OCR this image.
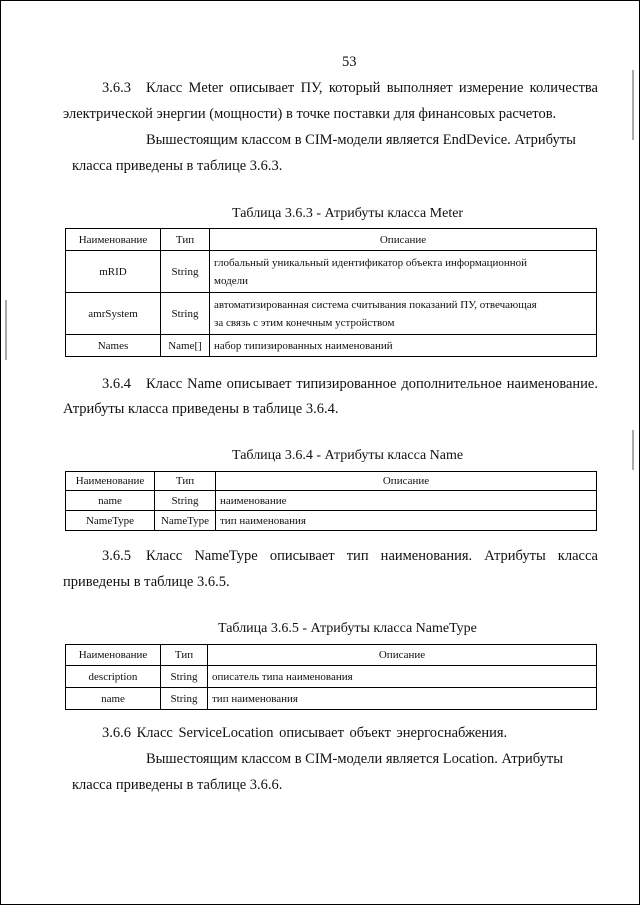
53
3.6.3 Класс Meter описывает ПУ, который выполняет измерение количества
электрической энергии (мощности) в точке поставки для финансовых расчетов.
Вышестоящим классом в CIM-модели является EndDevice. Атрибуты
класса приведены в таблице 3.6.3.
Таблица 3.6.3 - Атрибуты класса Meter
Наименование	Тип	Описание
mRID	String	глобальный уникальный идентификатор объекта информационной
модели

amrSystem	String	автоматизированная система считывания показаний ПУ, отвечающая
за связь с этим конечным устройством

Names	Name[]	набор типизированных наименований
3.6.4 Класс Name описывает типизированное дополнительное наименование.
Атрибуты класса приведены в таблице 3.6.4.
Таблица 3.6.4 - Атрибуты класса Name
Наименование	Тип	Описание
name	String	наименование
NameType	NameType	тип наименования
3.6.5 Класс NameType описывает тип наименования. Атрибуты класса
приведены в таблице 3.6.5.
Таблица 3.6.5 - Атрибуты класса NameType
Наименование	Тип	Описание
description	String	описатель типа наименования
name	String	тип наименования
3.6.6 Класс ServiceLocation описывает объект энергоснабжения.
Вышестоящим классом в CIM-модели является Location. Атрибуты
класса приведены в таблице 3.6.6.
